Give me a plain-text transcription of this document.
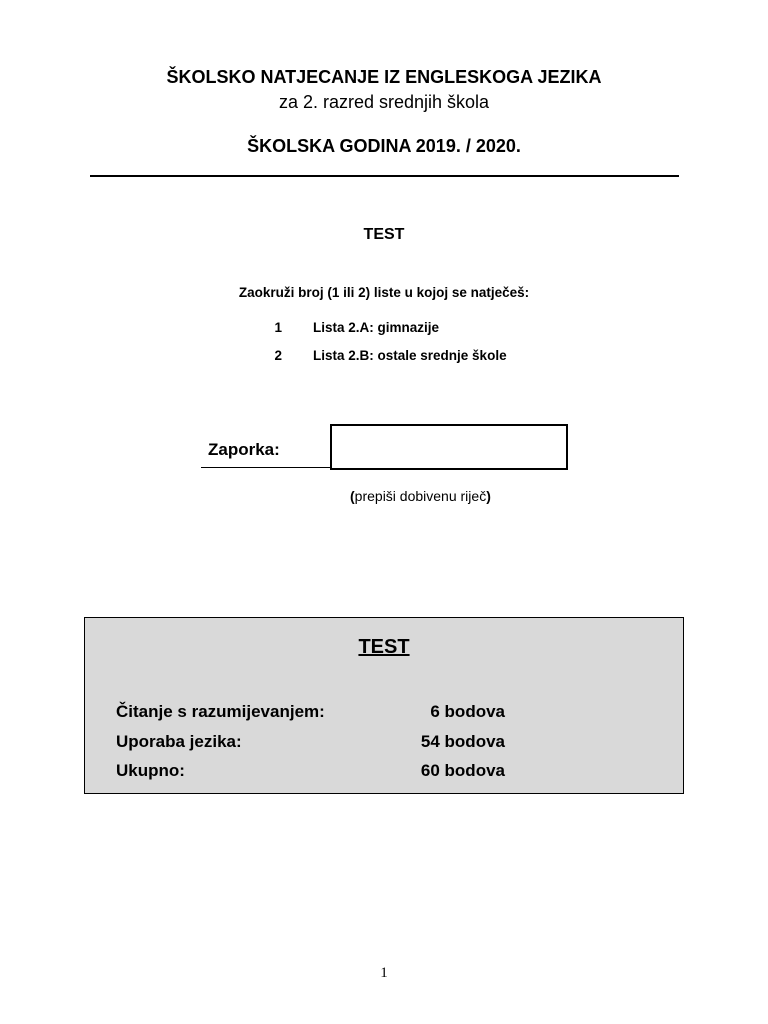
ŠKOLSKO NATJECANJE IZ ENGLESKOGA JEZIKA
za 2. razred srednjih škola
ŠKOLSKA GODINA 2019. / 2020.
TEST
Zaokruži broj (1 ili 2) liste u kojoj se natječeš:
1 Lista 2.A: gimnazije
2 Lista 2.B: ostale srednje škole
Zaporka:
(prepiši dobivenu riječ)
TEST
Čitanje s razumijevanjem:	6 bodova
Uporaba jezika:	54 bodova
Ukupno:	60 bodova
1
